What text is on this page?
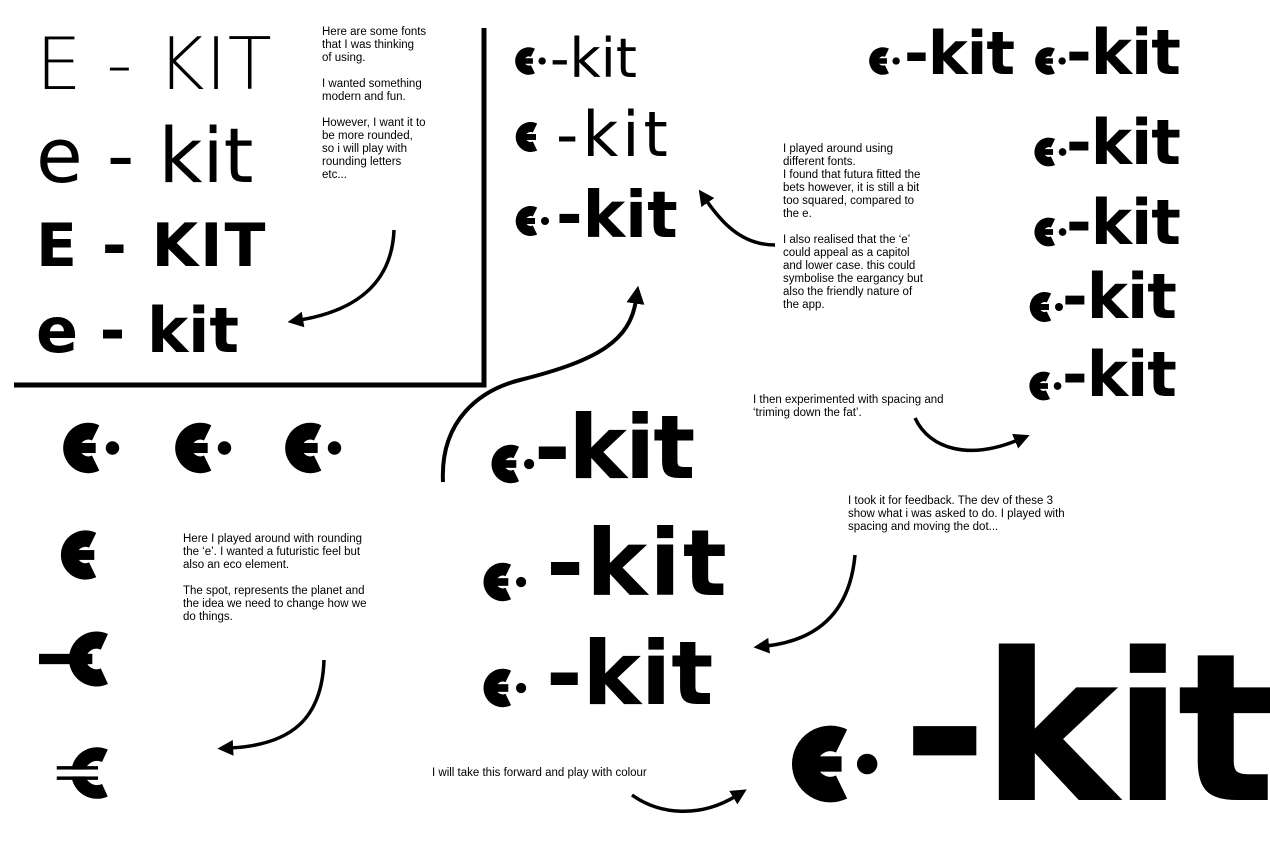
E - KIT
e - kit
E - KIT
e - kit
Here are some fonts
that I was thinking
of using.

I wanted something
modern and fun.

However, I want it to
be more rounded,
so i will play with
rounding letters
etc...
-kit
-kit
-kit
I played around using
different fonts.
I found that futura fitted the
bets however, it is still a bit
too squared, compared to
the e.

I also realised that the ‘e’
could appeal as a capitol
and lower case. this could
symbolise the eargancy but
also the friendly nature of
the app.
-kit -kit
-kit
-kit
-kit
-kit
I then experimented with spacing and
‘triming down the fat’.
Here I played around with rounding
the ‘e’. I wanted a futuristic feel but
also an eco element.

The spot, represents the planet and
the idea we need to change how we
do things.
-kit
-kit
-kit
I took it for feedback. The dev of these 3
show what i was asked to do. I played with
spacing and moving the dot...
-kit
I will take this forward and play with colour
